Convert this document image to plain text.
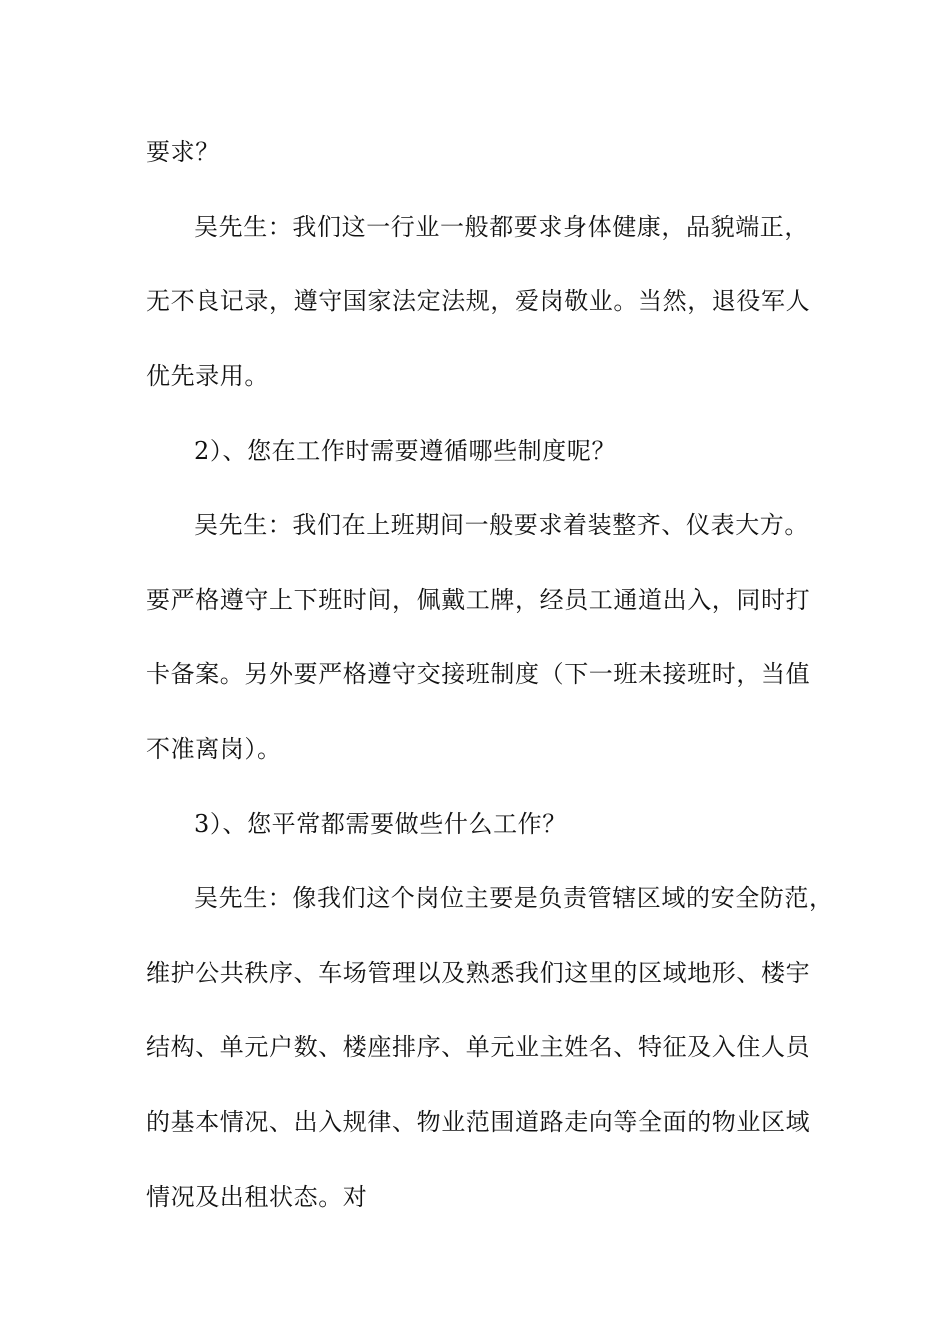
要求？
吴先生：我们这一行业一般都要求身体健康，品貌端正，
无不良记录，遵守国家法定法规，爱岗敬业。当然，退役军人
优先录用。
2）、您在工作时需要遵循哪些制度呢？
吴先生：我们在上班期间一般要求着装整齐、仪表大方。
要严格遵守上下班时间，佩戴工牌，经员工通道出入，同时打
卡备案。另外要严格遵守交接班制度（下一班未接班时，当值
不准离岗）。
3）、您平常都需要做些什么工作？
吴先生：像我们这个岗位主要是负责管辖区域的安全防范，
维护公共秩序、车场管理以及熟悉我们这里的区域地形、楼宇
结构、单元户数、楼座排序、单元业主姓名、特征及入住人员
的基本情况、出入规律、物业范围道路走向等全面的物业区域
情况及出租状态。对
